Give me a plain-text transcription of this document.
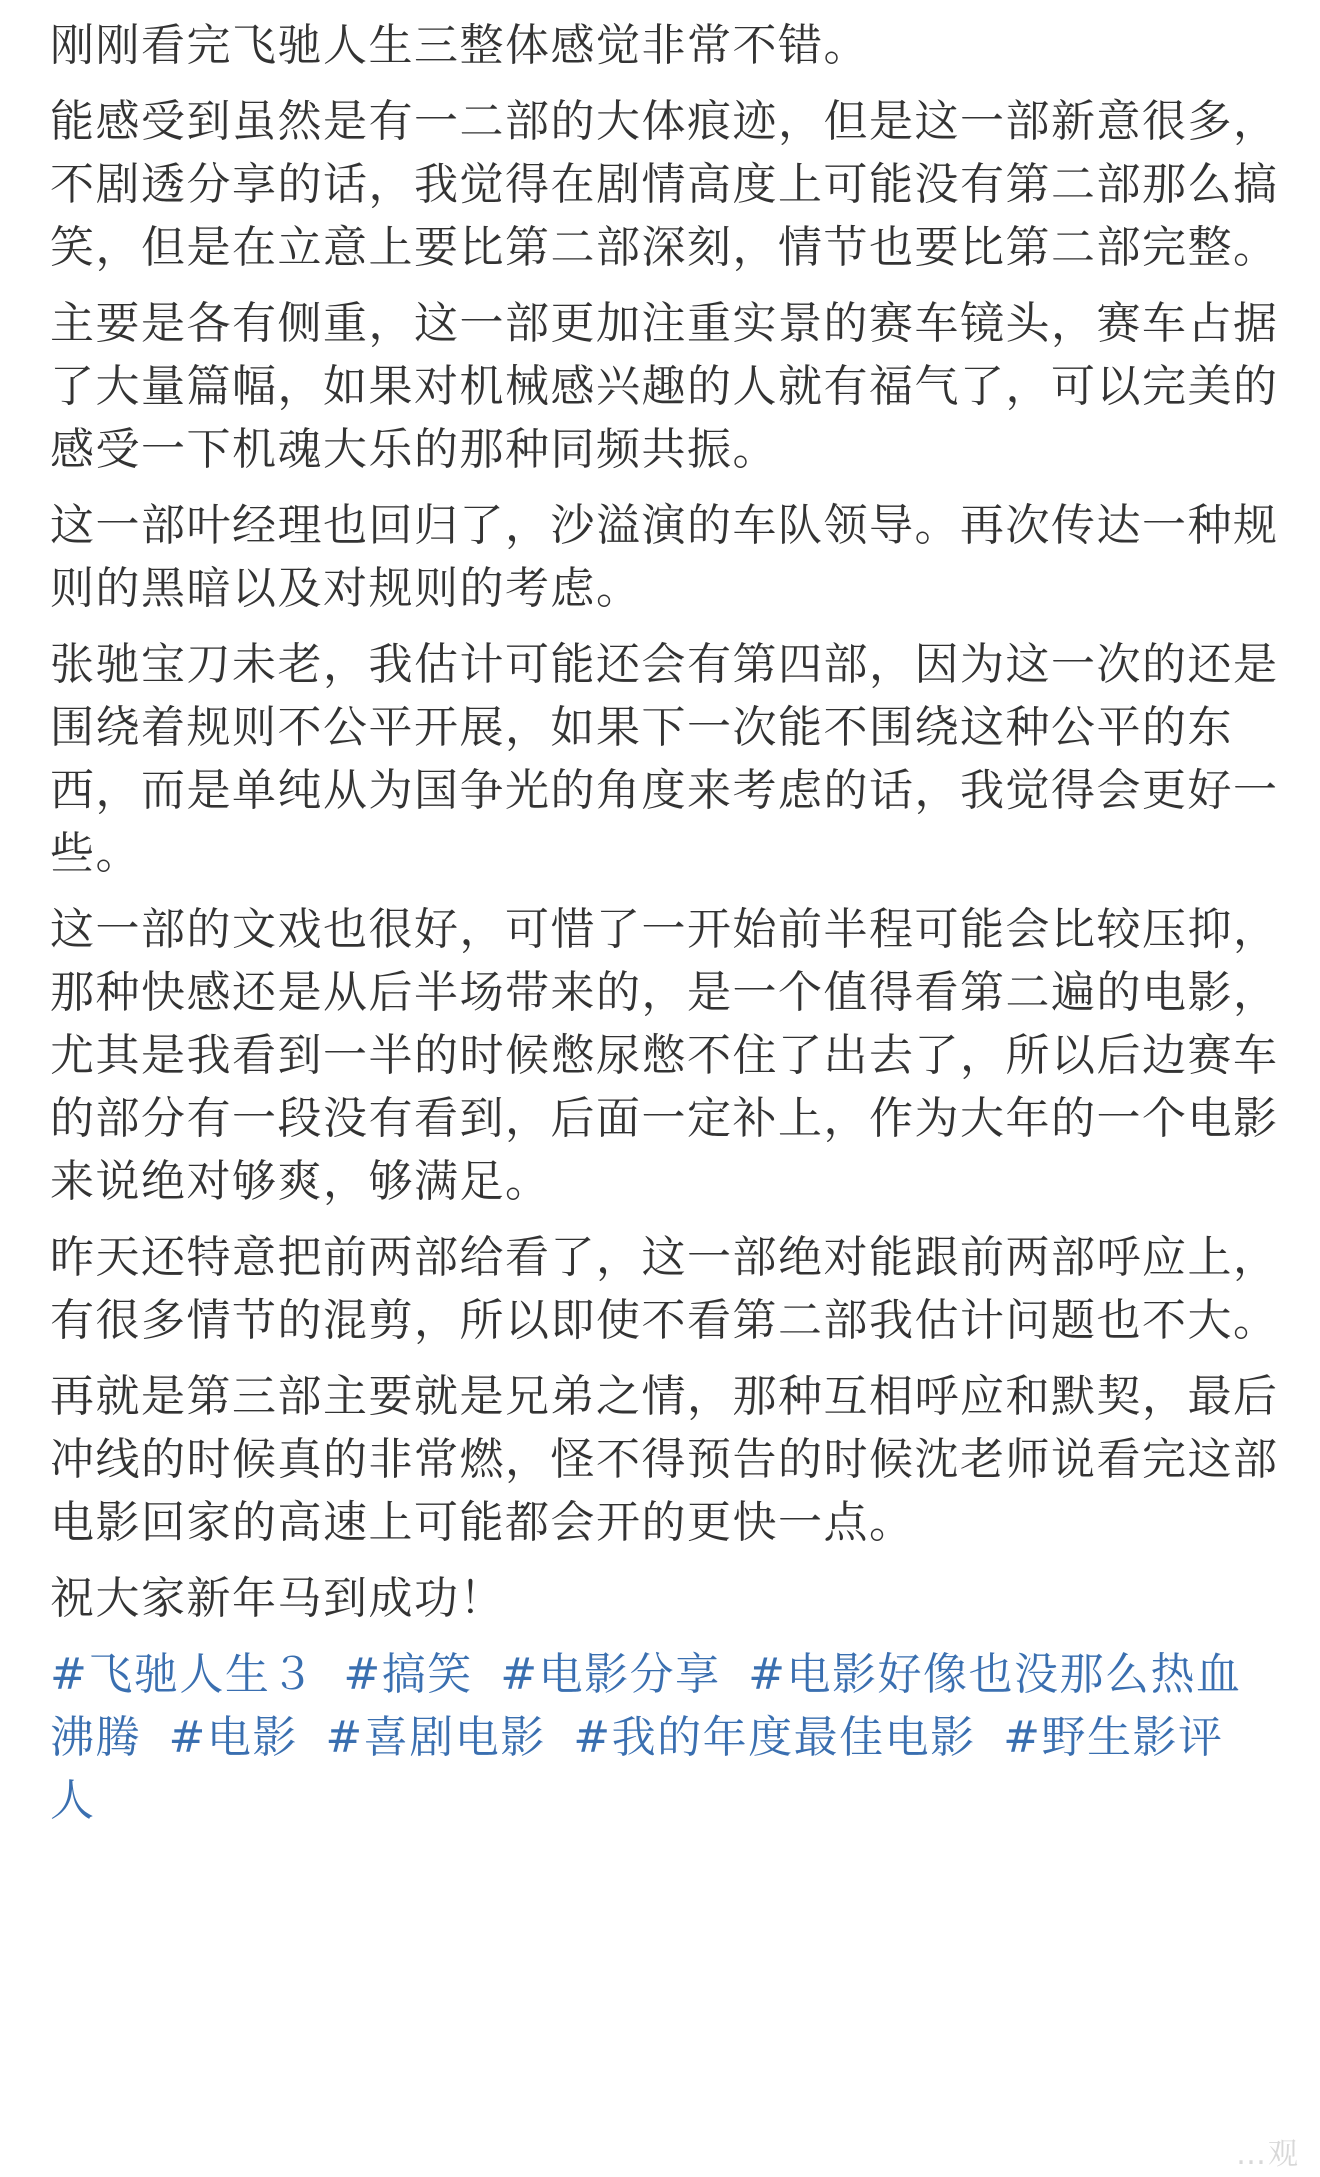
刚刚看完飞驰人生三整体感觉非常不错。

能感受到虽然是有一二部的大体痕迹，但是这一部新意很多，不剧透分享的话，我觉得在剧情高度上可能没有第二部那么搞笑，但是在立意上要比第二部深刻，情节也要比第二部完整。

主要是各有侧重，这一部更加注重实景的赛车镜头，赛车占据了大量篇幅，如果对机械感兴趣的人就有福气了，可以完美的感受一下机魂大乐的那种同频共振。

这一部叶经理也回归了，沙溢演的车队领导。再次传达一种规则的黑暗以及对规则的考虑。

张驰宝刀未老，我估计可能还会有第四部，因为这一次的还是围绕着规则不公平开展，如果下一次能不围绕这种公平的东西，而是单纯从为国争光的角度来考虑的话，我觉得会更好一些。

这一部的文戏也很好，可惜了一开始前半程可能会比较压抑，那种快感还是从后半场带来的，是一个值得看第二遍的电影，尤其是我看到一半的时候憋尿憋不住了出去了，所以后边赛车的部分有一段没有看到，后面一定补上，作为大年的一个电影来说绝对够爽，够满足。

昨天还特意把前两部给看了，这一部绝对能跟前两部呼应上，有很多情节的混剪，所以即使不看第二部我估计问题也不大。

再就是第三部主要就是兄弟之情，那种互相呼应和默契，最后冲线的时候真的非常燃，怪不得预告的时候沈老师说看完这部电影回家的高速上可能都会开的更快一点。

祝大家新年马到成功！

#飞驰人生３ #搞笑 #电影分享 #电影好像也没那么热血沸腾 #电影 #喜剧电影 #我的年度最佳电影 #野生影评人
…观
